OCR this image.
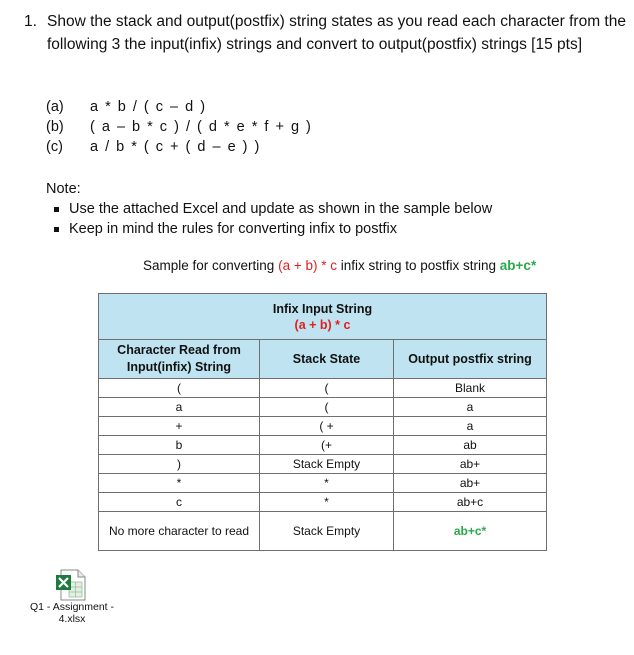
1. Show the stack and output(postfix) string states as you read each character from the following 3 the input(infix) strings and convert to output(postfix) strings [15 pts]
(a) a * b / ( c – d )
(b) ( a – b * c ) / ( d * e * f + g )
(c) a / b * ( c + ( d – e ) )
Note:
Use the attached Excel and update as shown in the sample below
Keep in mind the rules for converting infix to postfix
Sample for converting (a + b) * c infix string to postfix string ab+c*
Infix Input String
(a + b) * c		

Character Read from Input(infix) String	Stack State	Output postfix string
(	(	Blank
a	(	a
+	( +	a
b	(+	ab
)	Stack Empty	ab+
*	*	ab+
c	*	ab+c
No more character to read	Stack Empty	ab+c*
Q1 - Assignment - 4.xlsx
